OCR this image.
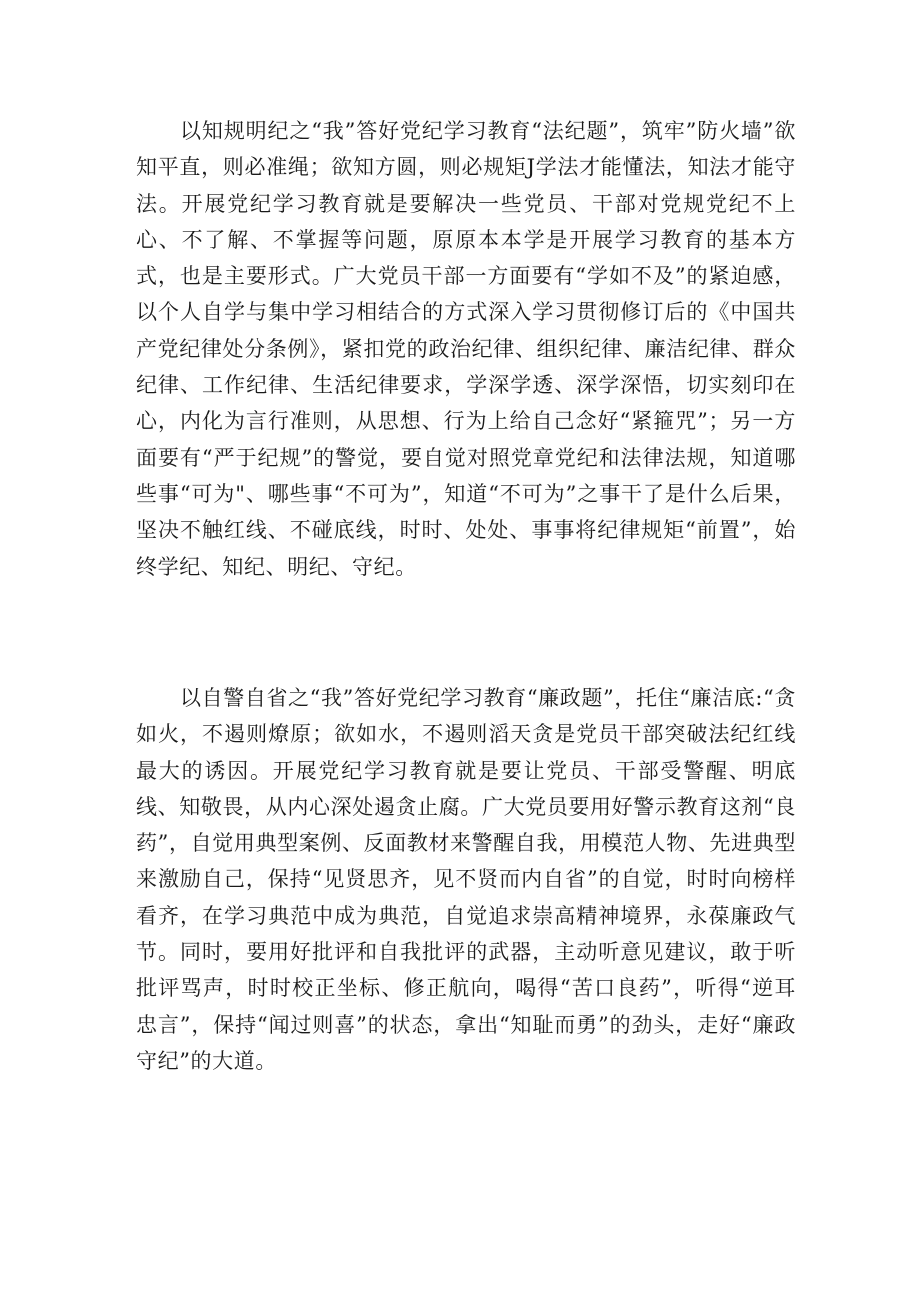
以知规明纪之“我”答好党纪学习教育“法纪题”，筑牢”防火墙”欲知平直，则必准绳；欲知方圆，则必规矩J学法才能懂法，知法才能守法。开展党纪学习教育就是要解决一些党员、干部对党规党纪不上心、不了解、不掌握等问题，原原本本学是开展学习教育的基本方式，也是主要形式。广大党员干部一方面要有“学如不及”的紧迫感，以个人自学与集中学习相结合的方式深入学习贯彻修订后的《中国共产党纪律处分条例》，紧扣党的政治纪律、组织纪律、廉洁纪律、群众纪律、工作纪律、生活纪律要求，学深学透、深学深悟，切实刻印在心，内化为言行准则，从思想、行为上给自己念好“紧箍咒”；另一方面要有“严于纪规”的警觉，要自觉对照党章党纪和法律法规，知道哪些事“可为"、哪些事“不可为”，知道“不可为”之事干了是什么后果，坚决不触红线、不碰底线，时时、处处、事事将纪律规矩“前置”，始终学纪、知纪、明纪、守纪。

以自警自省之“我”答好党纪学习教育“廉政题”，托住“廉洁底:“贪如火，不遏则燎原；欲如水，不遏则滔天贪是党员干部突破法纪红线最大的诱因。开展党纪学习教育就是要让党员、干部受警醒、明底线、知敬畏，从内心深处遏贪止腐。广大党员要用好警示教育这剂“良药”，自觉用典型案例、反面教材来警醒自我，用模范人物、先进典型来激励自己，保持“见贤思齐，见不贤而内自省”的自觉，时时向榜样看齐，在学习典范中成为典范，自觉追求崇高精神境界，永葆廉政气节。同时，要用好批评和自我批评的武器，主动听意见建议，敢于听批评骂声，时时校正坐标、修正航向，喝得“苦口良药”，听得“逆耳忠言”，保持“闻过则喜”的状态，拿出“知耻而勇”的劲头，走好“廉政守纪”的大道。
